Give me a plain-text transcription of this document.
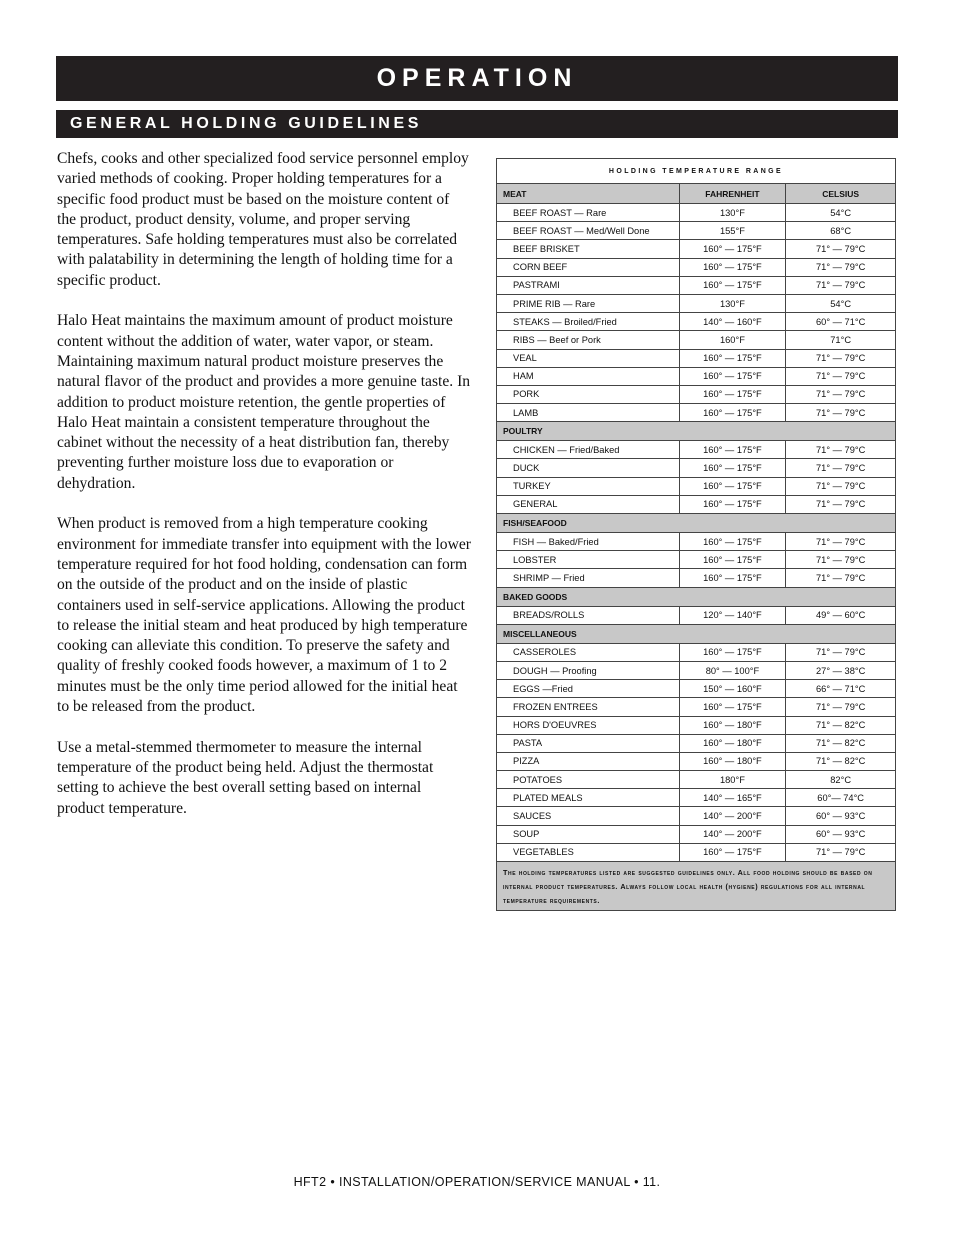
OPERATION
GENERAL HOLDING GUIDELINES

Chefs, cooks and other specialized food service personnel employ varied methods of cooking. Proper holding temperatures for a specific food product must be based on the moisture content of the product, product density, volume, and proper serving temperatures. Safe holding temperatures must also be correlated with palatability in determining the length of holding time for a specific product.

Halo Heat maintains the maximum amount of product moisture content without the addition of water, water vapor, or steam. Maintaining maximum natural product moisture preserves the natural flavor of the product and provides a more genuine taste. In addition to product moisture retention, the gentle properties of Halo Heat maintain a consistent temperature throughout the cabinet without the necessity of a heat distribution fan, thereby preventing further moisture loss due to evaporation or dehydration.

When product is removed from a high temperature cooking environment for immediate transfer into equipment with the lower temperature required for hot food holding, condensation can form on the outside of the product and on the inside of plastic containers used in self-service applications. Allowing the product to release the initial steam and heat produced by high temperature cooking can alleviate this condition. To preserve the safety and quality of freshly cooked foods however, a maximum of 1 to 2 minutes must be the only time period allowed for the initial heat to be released from the product.

Use a metal-stemmed thermometer to measure the internal temperature of the product being held. Adjust the thermostat setting to achieve the best overall setting based on internal product temperature.

HOLDING TEMPERATURE RANGE		
MEAT	FAHRENHEIT	CELSIUS
BEEF ROAST — Rare	130°F	54°C
BEEF ROAST — Med/Well Done	155°F	68°C
BEEF BRISKET	160° — 175°F	71° — 79°C
CORN BEEF	160° — 175°F	71° — 79°C
PASTRAMI	160° — 175°F	71° — 79°C
PRIME RIB — Rare	130°F	54°C
STEAKS — Broiled/Fried	140° — 160°F	60° — 71°C
RIBS — Beef or Pork	160°F	71°C
VEAL	160° — 175°F	71° — 79°C
HAM	160° — 175°F	71° — 79°C
PORK	160° — 175°F	71° — 79°C
LAMB	160° — 175°F	71° — 79°C
POULTRY		
CHICKEN — Fried/Baked	160° — 175°F	71° — 79°C
DUCK	160° — 175°F	71° — 79°C
TURKEY	160° — 175°F	71° — 79°C
GENERAL	160° — 175°F	71° — 79°C
FISH/SEAFOOD		
FISH — Baked/Fried	160° — 175°F	71° — 79°C
LOBSTER	160° — 175°F	71° — 79°C
SHRIMP — Fried	160° — 175°F	71° — 79°C
BAKED GOODS		
BREADS/ROLLS	120° — 140°F	49° — 60°C
MISCELLANEOUS		
CASSEROLES	160° — 175°F	71° — 79°C
DOUGH — Proofing	80° — 100°F	27° — 38°C
EGGS —Fried	150° — 160°F	66° — 71°C
FROZEN ENTREES	160° — 175°F	71° — 79°C
HORS D'OEUVRES	160° — 180°F	71° — 82°C
PASTA	160° — 180°F	71° — 82°C
PIZZA	160° — 180°F	71° — 82°C
POTATOES	180°F	82°C
PLATED MEALS	140° — 165°F	60°— 74°C
SAUCES	140° — 200°F	60° — 93°C
SOUP	140° — 200°F	60° — 93°C
VEGETABLES	160° — 175°F	71° — 79°C
The holding temperatures listed are suggested guidelines only. All food holding should be based on internal product temperatures. Always follow local health (hygiene) regulations for all internal temperature requirements.		
HFT2 • INSTALLATION/OPERATION/SERVICE MANUAL • 11.
